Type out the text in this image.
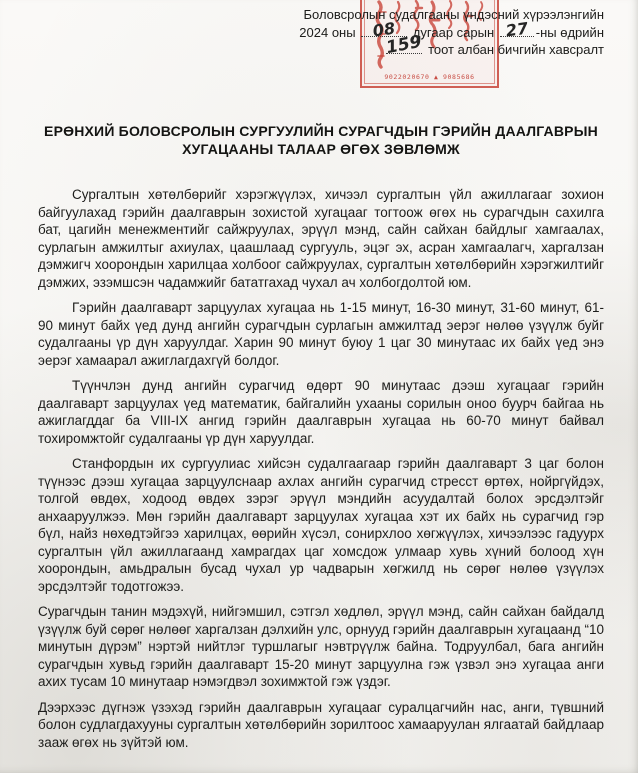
9022020670 ▲ 9085686
Боловсролын судалгааны үндэсний хүрээлэнгийн
2024 оны 08 дугаар сарын 27 -ны өдрийн
159 тоот албан бичгийн хавсралт
ЕРӨНХИЙ БОЛОВСРОЛЫН СУРГУУЛИЙН СУРАГЧДЫН ГЭРИЙН ДААЛГАВРЫН
ХУГАЦААНЫ ТАЛААР ӨГӨХ ЗӨВЛӨМЖ

Сургалтын хөтөлбөрийг хэрэгжүүлэх, хичээл сургалтын үйл ажиллагааг зохион байгуулахад гэрийн даалгаврын зохистой хугацааг тогтоож өгөх нь сурагчдын сахилга бат, цагийн менежментийг сайжруулах, эрүүл мэнд, сайн сайхан байдлыг хамгаалах, сурлагын амжилтыг ахиулах, цаашлаад сургууль, эцэг эх, асран хамгаалагч, харгалзан дэмжигч хоорондын харилцаа холбоог сайжруулах, сургалтын хөтөлбөрийн хэрэгжилтийг дэмжих, эзэмшсэн чадамжийг бататгахад чухал ач холбогдолтой юм.

Гэрийн даалгаварт зарцуулах хугацаа нь 1-15 минут, 16-30 минут, 31-60 минут, 61-90 минут байх үед дунд ангийн сурагчдын сурлагын амжилтад эерэг нөлөө үзүүлж буйг судалгааны үр дүн харуулдаг. Харин 90 минут буюу 1 цаг 30 минутаас их байх үед энэ эерэг хамаарал ажиглагдахгүй болдог.

Түүнчлэн дунд ангийн сурагчид өдөрт 90 минутаас дээш хугацааг гэрийн даалгаварт зарцуулах үед математик, байгалийн ухааны сорилын оноо буурч байгаа нь ажиглагддаг ба VIII-IX ангид гэрийн даалгаврын хугацаа нь 60-70 минут байвал тохиромжтойг судалгааны үр дүн харуулдаг.

Станфордын их сургуулиас хийсэн судалгаагаар гэрийн даалгаварт 3 цаг болон түүнээс дээш хугацаа зарцуулснаар ахлах ангийн сурагчид стресст өртөх, нойргүйдэх, толгой өвдөх, ходоод өвдөх зэрэг эрүүл мэндийн асуудалтай болох эрсдэлтэйг анхааруулжээ. Мөн гэрийн даалгаварт зарцуулах хугацаа хэт их байх нь сурагчид гэр бүл, найз нөхөдтэйгээ харилцах, өөрийн хүсэл, сонирхлоо хөгжүүлэх, хичээлээс гадуурх сургалтын үйл ажиллагаанд хамрагдах цаг хомсдож улмаар хувь хүний болоод хүн хоорондын, амьдралын бусад чухал ур чадварын хөгжилд нь сөрөг нөлөө үзүүлэх эрсдэлтэйг тодотгожээ.

Сурагчдын танин мэдэхүй, нийгэмшил, сэтгэл хөдлөл, эрүүл мэнд, сайн сайхан байдалд үзүүлж буй сөрөг нөлөөг харгалзан дэлхийн улс, орнууд гэрийн даалгаврын хугацаанд “10 минутын дүрэм” нэртэй нийтлэг туршлагыг нэвтрүүлж байна. Тодруулбал, бага ангийн сурагчдын хувьд гэрийн даалгаварт 15-20 минут зарцуулна гэж үзвэл энэ хугацаа анги ахих тусам 10 минутаар нэмэгдвэл зохимжтой гэж үздэг.

Дээрхээс дүгнэж үзэхэд гэрийн даалгаврын хугацааг суралцагчийн нас, анги, түвшний болон судлагдахууны сургалтын хөтөлбөрийн зорилтоос хамааруулан ялгаатай байдлаар зааж өгөх нь зүйтэй юм.
